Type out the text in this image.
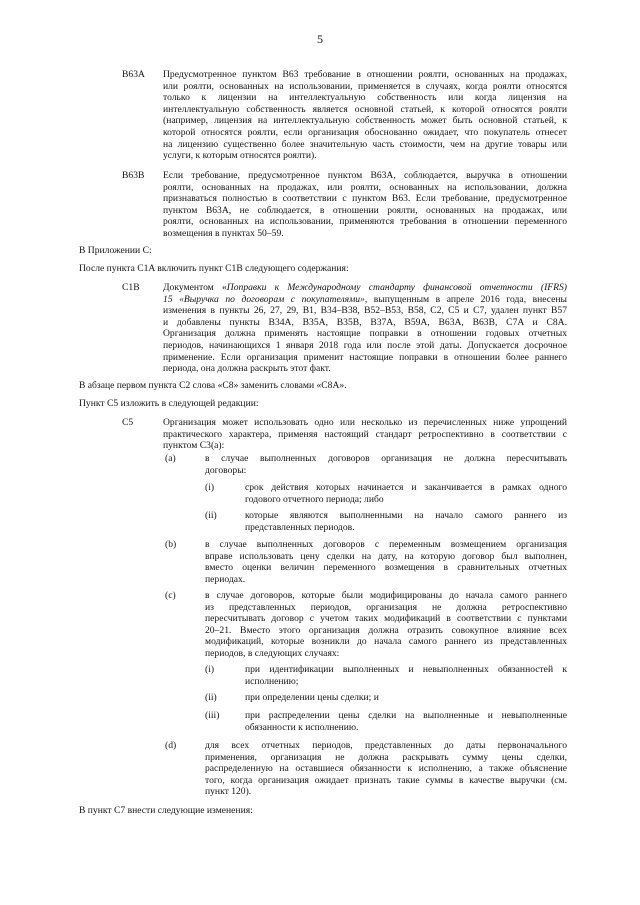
5
B63A Предусмотренное пунктом B63 требование в отношении роялти, основанных на продажах,
или роялти, основанных на использовании, применяется в случаях, когда роялти относятся
только к лицензии на интеллектуальную собственность или когда лицензия на
интеллектуальную собственность является основной статьей, к которой относятся роялти
(например, лицензия на интеллектуальную собственность может быть основной статьей, к
которой относятся роялти, если организация обоснованно ожидает, что покупатель отнесет
на лицензию существенно более значительную часть стоимости, чем на другие товары или
услуги, к которым относятся роялти).
B63B Если требование, предусмотренное пунктом B63A, соблюдается, выручка в отношении
роялти, основанных на продажах, или роялти, основанных на использовании, должна
признаваться полностью в соответствии с пунктом B63. Если требование, предусмотренное
пунктом B63A, не соблюдается, в отношении роялти, основанных на продажах, или
роялти, основанных на использовании, применяются требования в отношении переменного
возмещения в пунктах 50–59.
В Приложении С:
После пункта C1A включить пункт C1B следующего содержания:
C1B Документом «Поправки к Международному стандарту финансовой отчетности (IFRS)
15 «Выручка по договорам с покупателями», выпущенным в апреле 2016 года, внесены
изменения в пункты 26, 27, 29, B1, B34–B38, B52–B53, B58, C2, C5 и C7, удален пункт B57
и добавлены пункты B34A, B35A, B35B, B37A, B59A, B63A, B63B, C7A и C8A.
Организация должна применять настоящие поправки в отношении годовых отчетных
периодов, начинающихся 1 января 2018 года или после этой даты. Допускается досрочное
применение. Если организация применит настоящие поправки в отношении более раннего
периода, она должна раскрыть этот факт.
В абзаце первом пункта C2 слова «C8» заменить словами «C8A».
Пункт C5 изложить в следующей редакции:
C5	Организация может использовать одно или несколько из перечисленных ниже упрощений
практического характера, применяя настоящий стандарт ретроспективно в соответствии с
пунктом C3(a):
(a)	в случае выполненных договоров организация не должна пересчитывать
договоры:
(i)	срок действия которых начинается и заканчивается в рамках одного
годового отчетного периода; либо
(ii)	которые являются выполненными на начало самого раннего из
представленных периодов.
(b)	в случае выполненных договоров с переменным возмещением организация
вправе использовать цену сделки на дату, на которую договор был выполнен,
вместо оценки величин переменного возмещения в сравнительных отчетных
периодах.
(c)	в случае договоров, которые были модифицированы до начала самого раннего
из представленных периодов, организация не должна ретроспективно
пересчитывать договор с учетом таких модификаций в соответствии с пунктами
20–21. Вместо этого организация должна отразить совокупное влияние всех
модификаций, которые возникли до начала самого раннего из представленных
периодов, в следующих случаях:
(i)	при идентификации выполненных и невыполненных обязанностей к
исполнению;
(ii)	при определении цены сделки; и
(iii)	при распределении цены сделки на выполненные и невыполненные
обязанности к исполнению.
(d)	для всех отчетных периодов, представленных до даты первоначального
применения, организация не должна раскрывать сумму цены сделки,
распределенную на оставшиеся обязанности к исполнению, а также объяснение
того, когда организация ожидает признать такие суммы в качестве выручки (см.
пункт 120).
В пункт C7 внести следующие изменения:
